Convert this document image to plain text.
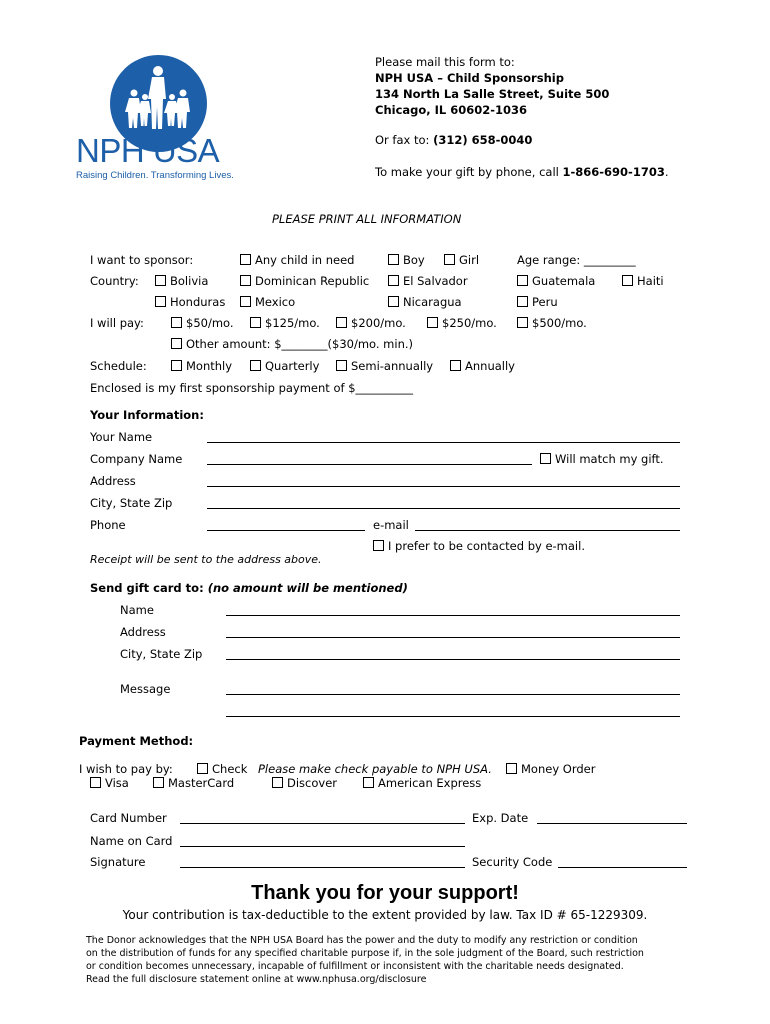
NPH USA
Raising Children. Transforming Lives.
Please mail this form to:
NPH USA – Child Sponsorship
134 North La Salle Street, Suite 500
Chicago, IL 60602-1036
Or fax to: (312) 658-0040
To make your gift by phone, call 1-866-690-1703.
PLEASE PRINT ALL INFORMATION
I want to sponsor:	Any child in need	Boy	Girl	Age range: _________
Country:	Bolivia	Dominican Republic	El Salvador	Guatemala	Haiti
Honduras	Mexico	Nicaragua	Peru
I will pay:	$50/mo.	$125/mo.	$200/mo.	$250/mo.	$500/mo.
Other amount: $________($30/mo. min.)
Schedule:	Monthly	Quarterly	Semi-annually	Annually
Enclosed is my first sponsorship payment of $__________
Your Information:
Your Name
Company Name	Will match my gift.
Address
City, State Zip
Phone	e-mail
I prefer to be contacted by e-mail.
Receipt will be sent to the address above.
Send gift card to: (no amount will be mentioned)
Name
Address
City, State Zip
Message
Payment Method:
I wish to pay by:	Check Please make check payable to NPH USA.	Money Order
Visa	MasterCard	Discover	American Express
Card Number	Exp. Date
Name on Card
Signature	Security Code
Thank you for your support!
Your contribution is tax-deductible to the extent provided by law. Tax ID # 65-1229309.
The Donor acknowledges that the NPH USA Board has the power and the duty to modify any restriction or condition on the distribution of funds for any specified charitable purpose if, in the sole judgment of the Board, such restriction or condition becomes unnecessary, incapable of fulfillment or inconsistent with the charitable needs designated. Read the full disclosure statement online at www.nphusa.org/disclosure
